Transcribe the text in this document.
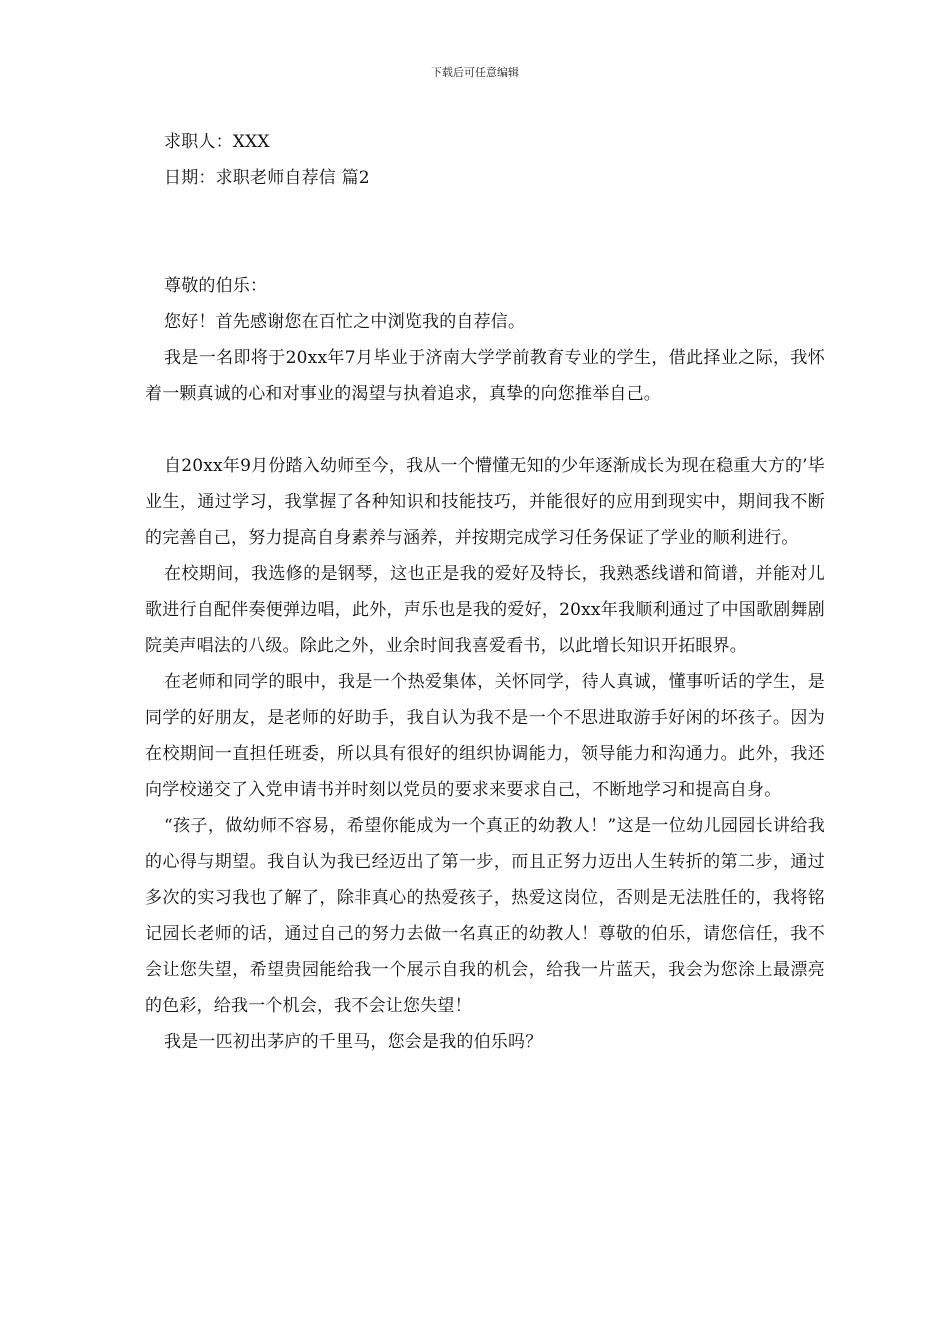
下载后可任意编辑
求职人：XXX
日期：求职老师自荐信 篇2
尊敬的伯乐：

您好！首先感谢您在百忙之中浏览我的自荐信。

我是一名即将于20xx年7月毕业于济南大学学前教育专业的学生，借此择业之际，我怀着一颗真诚的心和对事业的渴望与执着追求，真挚的向您推举自己。

自20xx年9月份踏入幼师至今，我从一个懵懂无知的少年逐渐成长为现在稳重大方的’毕业生，通过学习，我掌握了各种知识和技能技巧，并能很好的应用到现实中，期间我不断的完善自己，努力提高自身素养与涵养，并按期完成学习任务保证了学业的顺利进行。

在校期间，我选修的是钢琴，这也正是我的爱好及特长，我熟悉线谱和简谱，并能对儿歌进行自配伴奏便弹边唱，此外，声乐也是我的爱好，20xx年我顺利通过了中国歌剧舞剧院美声唱法的八级。除此之外，业余时间我喜爱看书，以此增长知识开拓眼界。

在老师和同学的眼中，我是一个热爱集体，关怀同学，待人真诚，懂事听话的学生，是同学的好朋友，是老师的好助手，我自认为我不是一个不思进取游手好闲的坏孩子。因为在校期间一直担任班委，所以具有很好的组织协调能力，领导能力和沟通力。此外，我还向学校递交了入党申请书并时刻以党员的要求来要求自己，不断地学习和提高自身。

“孩子，做幼师不容易，希望你能成为一个真正的幼教人！”这是一位幼儿园园长讲给我的心得与期望。我自认为我已经迈出了第一步，而且正努力迈出人生转折的第二步，通过多次的实习我也了解了，除非真心的热爱孩子，热爱这岗位，否则是无法胜任的，我将铭记园长老师的话，通过自己的努力去做一名真正的幼教人！尊敬的伯乐，请您信任，我不会让您失望，希望贵园能给我一个展示自我的机会，给我一片蓝天，我会为您涂上最漂亮的色彩，给我一个机会，我不会让您失望！

我是一匹初出茅庐的千里马，您会是我的伯乐吗？
